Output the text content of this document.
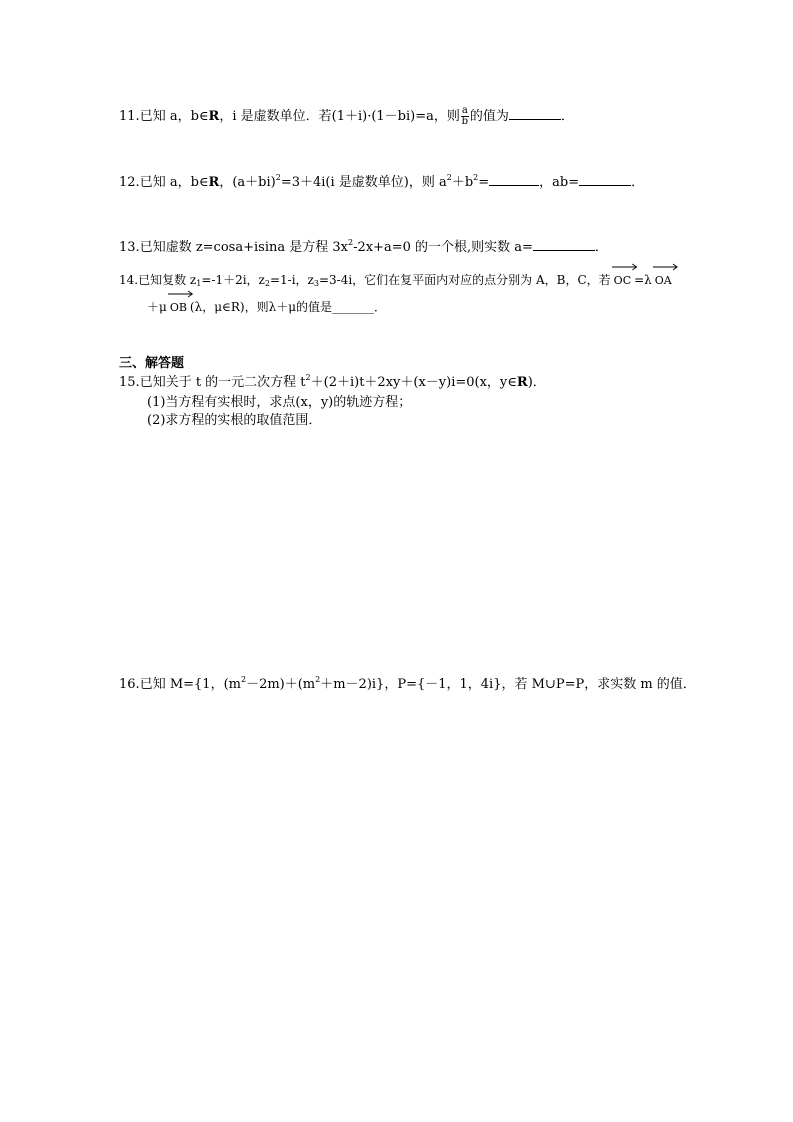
11.已知 a，b∈R，i 是虚数单位．若(1＋i)·(1－bi)=a，则 $\frac{a}{b}$ 的值为	．
12.已知 a，b∈R，$(a+bi)^2=3+4i(i$ 是虚数单位)，则 $a^2+b^2=$	，ab=	．
13.已知虚数 z=cosa+isina 是方程 $3x^2-2x+a=0$ 的一个根,则实数 a=	．
14.已知复数 $z_1=-1+2i$，$z_2=1-i$，$z_3=3-4i$，它们在复平面内对应的点分别为 A，B，C，若 OC =λ OA
＋μ OB (λ，μ∈R)，则λ＋μ的值是_______．
三、解答题
15.已知关于 t 的一元二次方程 $t^2+(2+i)t+2xy+(x-y)i=0(x$，y∈R)．
(1)当方程有实根时，求点(x，y)的轨迹方程；
(2)求方程的实根的取值范围．
16.已知 M={1，$(m^2-2m)+(m^2+m-2)i$}，P={－1，1，4i}，若 M∪P=P，求实数 m 的值．
